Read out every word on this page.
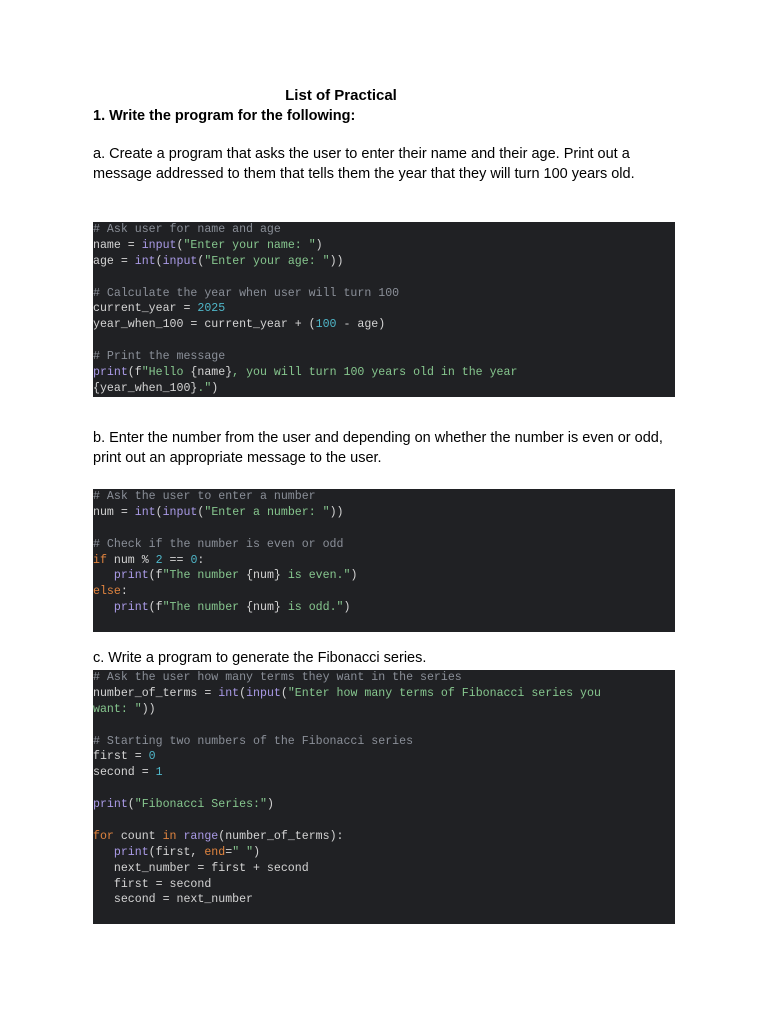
List of Practical
1. Write the program for the following:
a. Create a program that asks the user to enter their name and their age. Print out a message addressed to them that tells them the year that they will turn 100 years old.
# Ask user for name and age
name = input("Enter your name: ")
age = int(input("Enter your age: "))

# Calculate the year when user will turn 100
current_year = 2025
year_when_100 = current_year + (100 - age)

# Print the message
print(f"Hello {name}, you will turn 100 years old in the year
{year_when_100}.")
b. Enter the number from the user and depending on whether the number is even or odd, print out an appropriate message to the user.
# Ask the user to enter a number
num = int(input("Enter a number: "))

# Check if the number is even or odd
if num % 2 == 0:
print(f"The number {num} is even.")
else:
print(f"The number {num} is odd.")
c. Write a program to generate the Fibonacci series.
# Ask the user how many terms they want in the series
number_of_terms = int(input("Enter how many terms of Fibonacci series you
want: "))

# Starting two numbers of the Fibonacci series
first = 0
second = 1

print("Fibonacci Series:")

for count in range(number_of_terms):
print(first, end=" ")
next_number = first + second
first = second
second = next_number
